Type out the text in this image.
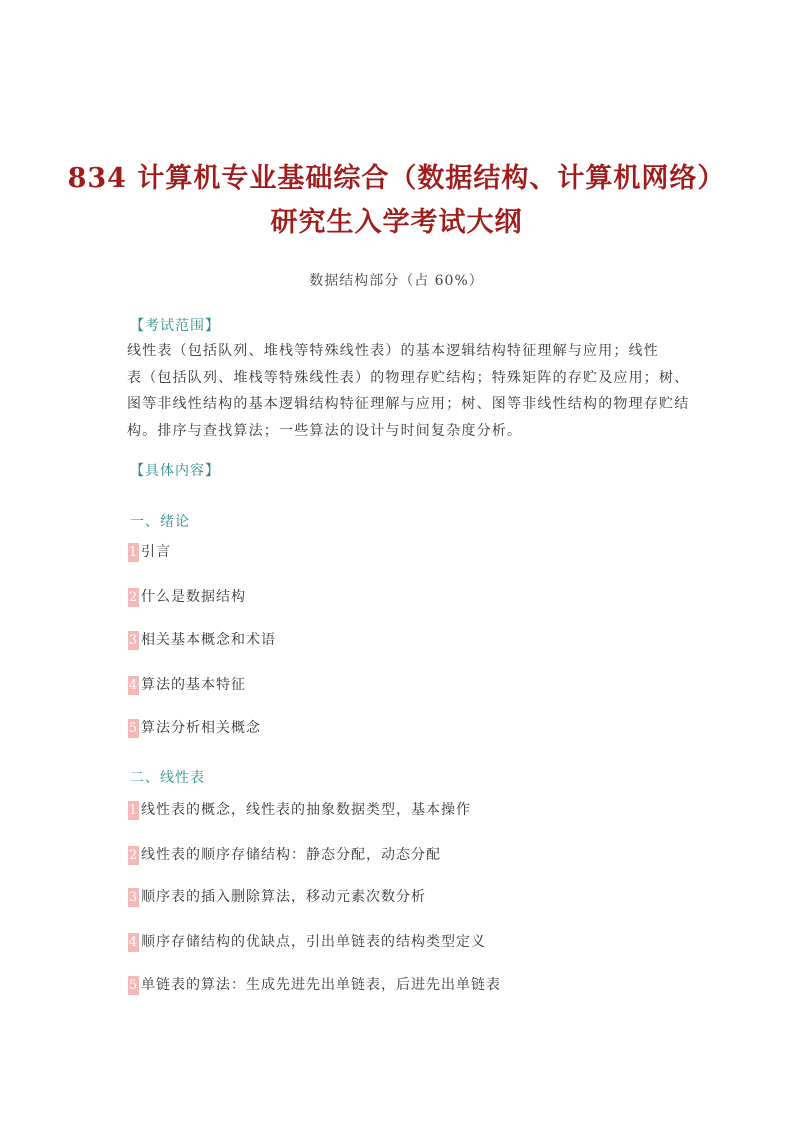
834 计算机专业基础综合（数据结构、计算机网络）
研究生入学考试大纲
数据结构部分（占 60%）
【考试范围】
线性表（包括队列、堆栈等特殊线性表）的基本逻辑结构特征理解与应用；线性
表（包括队列、堆栈等特殊线性表）的物理存贮结构；特殊矩阵的存贮及应用；树、
图等非线性结构的基本逻辑结构特征理解与应用；树、图等非线性结构的物理存贮结
构。排序与查找算法；一些算法的设计与时间复杂度分析。
【具体内容】
一、绪论
1 引言
2 什么是数据结构
3 相关基本概念和术语
4 算法的基本特征
5 算法分析相关概念
二、线性表
1 线性表的概念，线性表的抽象数据类型，基本操作
2 线性表的顺序存储结构：静态分配，动态分配
3 顺序表的插入删除算法，移动元素次数分析
4 顺序存储结构的优缺点，引出单链表的结构类型定义
5 单链表的算法：生成先进先出单链表，后进先出单链表
